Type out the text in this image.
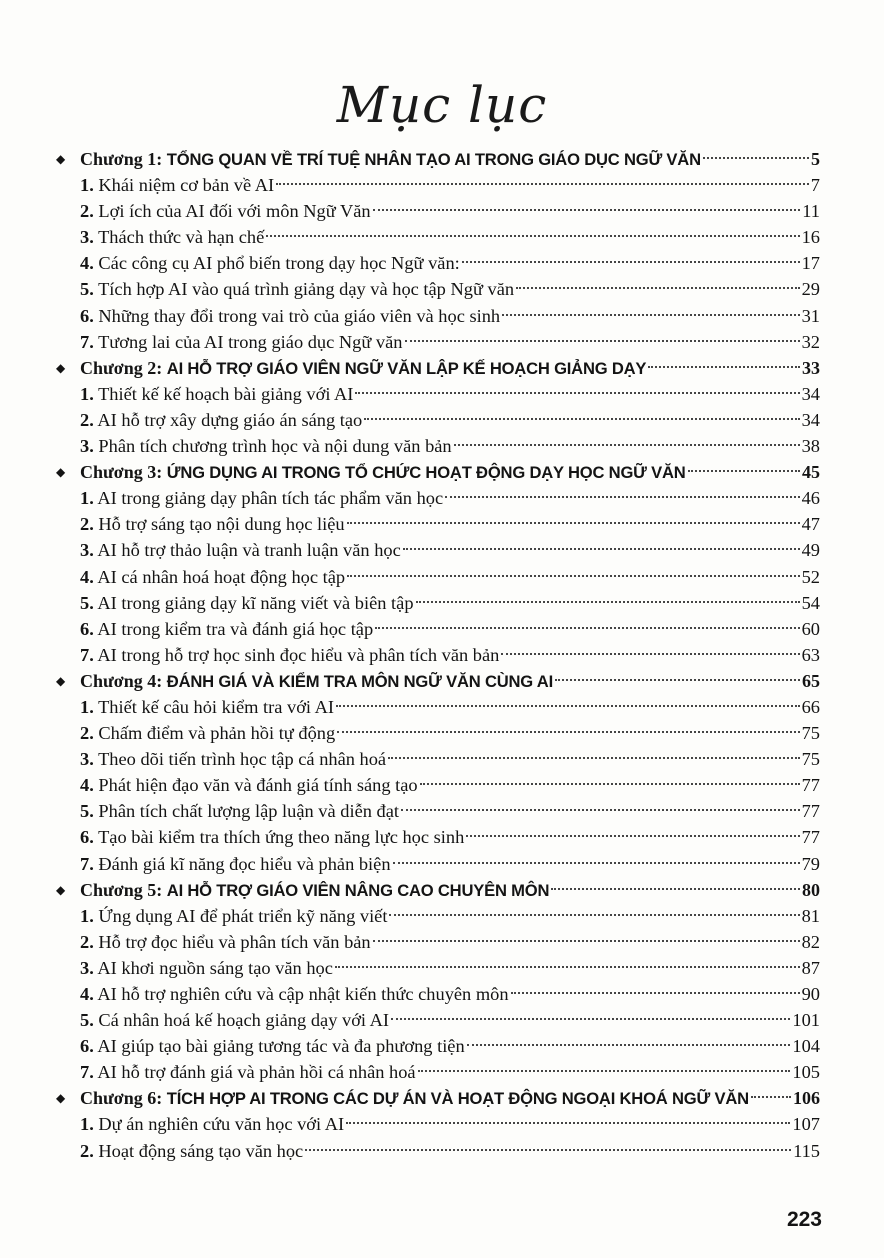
Mục lục
◆ Chương 1: TỔNG QUAN VỀ TRÍ TUỆ NHÂN TẠO AI TRONG GIÁO DỤC NGỮ VĂN	5
1. Khái niệm cơ bản về AI	7
2. Lợi ích của AI đối với môn Ngữ Văn	11
3. Thách thức và hạn chế	16
4. Các công cụ AI phổ biến trong dạy học Ngữ văn:	17
5. Tích hợp AI vào quá trình giảng dạy và học tập Ngữ văn	29
6. Những thay đổi trong vai trò của giáo viên và học sinh	31
7. Tương lai của AI trong giáo dục Ngữ văn	32
◆ Chương 2: AI HỖ TRỢ GIÁO VIÊN NGỮ VĂN LẬP KẾ HOẠCH GIẢNG DẠY	33
1. Thiết kế kế hoạch bài giảng với AI	34
2. AI hỗ trợ xây dựng giáo án sáng tạo	34
3. Phân tích chương trình học và nội dung văn bản	38
◆ Chương 3: ỨNG DỤNG AI TRONG TỔ CHỨC HOẠT ĐỘNG DẠY HỌC NGỮ VĂN	45
1. AI trong giảng dạy phân tích tác phẩm văn học	46
2. Hỗ trợ sáng tạo nội dung học liệu	47
3. AI hỗ trợ thảo luận và tranh luận văn học	49
4. AI cá nhân hoá hoạt động học tập	52
5. AI trong giảng dạy kĩ năng viết và biên tập	54
6. AI trong kiểm tra và đánh giá học tập	60
7. AI trong hỗ trợ học sinh đọc hiểu và phân tích văn bản	63
◆ Chương 4: ĐÁNH GIÁ VÀ KIỂM TRA MÔN NGỮ VĂN CÙNG AI	65
1. Thiết kế câu hỏi kiểm tra với AI	66
2. Chấm điểm và phản hồi tự động	75
3. Theo dõi tiến trình học tập cá nhân hoá	75
4. Phát hiện đạo văn và đánh giá tính sáng tạo	77
5. Phân tích chất lượng lập luận và diễn đạt	77
6. Tạo bài kiểm tra thích ứng theo năng lực học sinh	77
7. Đánh giá kĩ năng đọc hiểu và phản biện	79
◆ Chương 5: AI HỖ TRỢ GIÁO VIÊN NÂNG CAO CHUYÊN MÔN	80
1. Ứng dụng AI để phát triển kỹ năng viết	81
2. Hỗ trợ đọc hiểu và phân tích văn bản	82
3. AI khơi nguồn sáng tạo văn học	87
4. AI hỗ trợ nghiên cứu và cập nhật kiến thức chuyên môn	90
5. Cá nhân hoá kế hoạch giảng dạy với AI	101
6. AI giúp tạo bài giảng tương tác và đa phương tiện	104
7. AI hỗ trợ đánh giá và phản hồi cá nhân hoá	105
◆ Chương 6: TÍCH HỢP AI TRONG CÁC DỰ ÁN VÀ HOẠT ĐỘNG NGOẠI KHOÁ NGỮ VĂN 106
1. Dự án nghiên cứu văn học với AI	107
2. Hoạt động sáng tạo văn học	115
223
